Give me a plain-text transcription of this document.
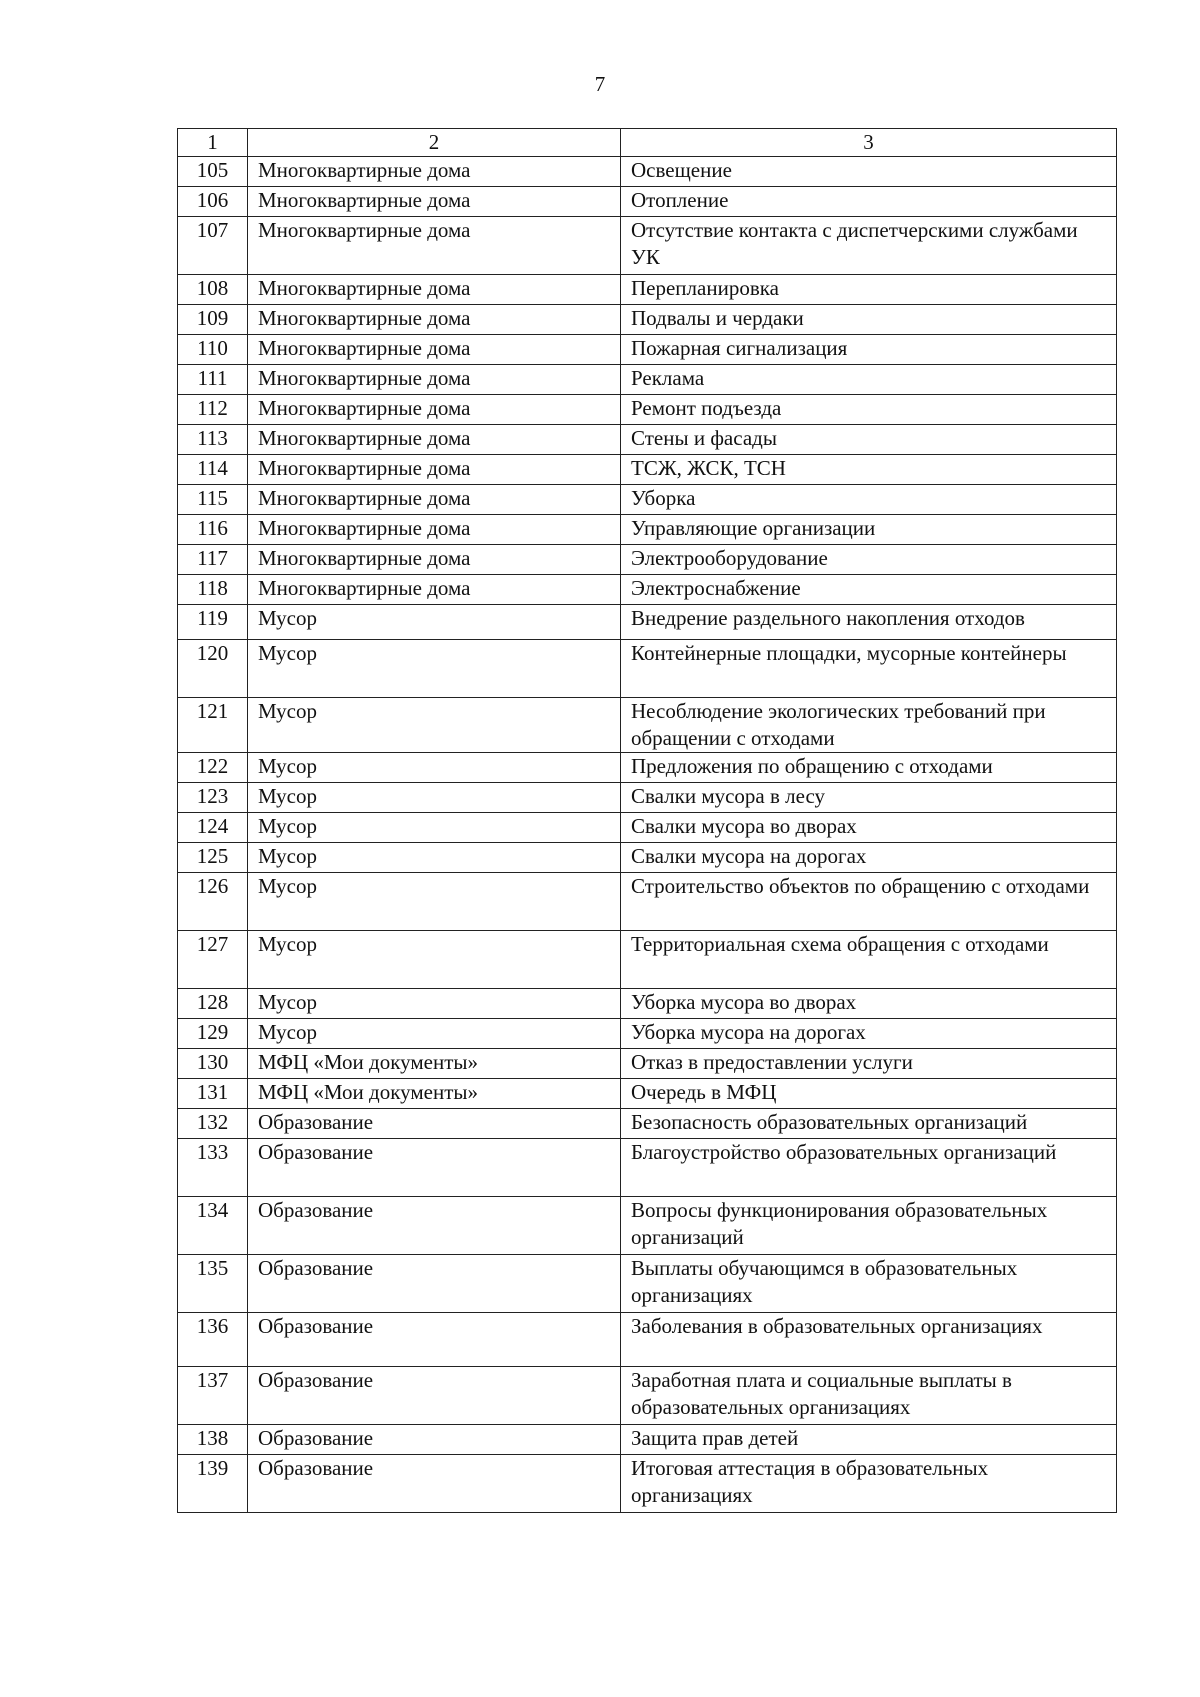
7
1	2	3
105	Многоквартирные дома	Освещение
106	Многоквартирные дома	Отопление
107	Многоквартирные дома	Отсутствие контакта с диспетчерскими службами УК
108	Многоквартирные дома	Перепланировка
109	Многоквартирные дома	Подвалы и чердаки
110	Многоквартирные дома	Пожарная сигнализация
111	Многоквартирные дома	Реклама
112	Многоквартирные дома	Ремонт подъезда
113	Многоквартирные дома	Стены и фасады
114	Многоквартирные дома	ТСЖ, ЖСК, ТСН
115	Многоквартирные дома	Уборка
116	Многоквартирные дома	Управляющие организации
117	Многоквартирные дома	Электрооборудование
118	Многоквартирные дома	Электроснабжение
119	Мусор	Внедрение раздельного накопления отходов
120	Мусор	Контейнерные площадки, мусорные контейнеры
121	Мусор	Несоблюдение экологических требований при обращении с отходами
122	Мусор	Предложения по обращению с отходами
123	Мусор	Свалки мусора в лесу
124	Мусор	Свалки мусора во дворах
125	Мусор	Свалки мусора на дорогах
126	Мусор	Строительство объектов по обращению с отходами
127	Мусор	Территориальная схема обращения с отходами
128	Мусор	Уборка мусора во дворах
129	Мусор	Уборка мусора на дорогах
130	МФЦ «Мои документы»	Отказ в предоставлении услуги
131	МФЦ «Мои документы»	Очередь в МФЦ
132	Образование	Безопасность образовательных организаций
133	Образование	Благоустройство образовательных организаций
134	Образование	Вопросы функционирования образовательных организаций
135	Образование	Выплаты обучающимся в образовательных организациях
136	Образование	Заболевания в образовательных организациях
137	Образование	Заработная плата и социальные выплаты в образовательных организациях
138	Образование	Защита прав детей
139	Образование	Итоговая аттестация в образовательных организациях
